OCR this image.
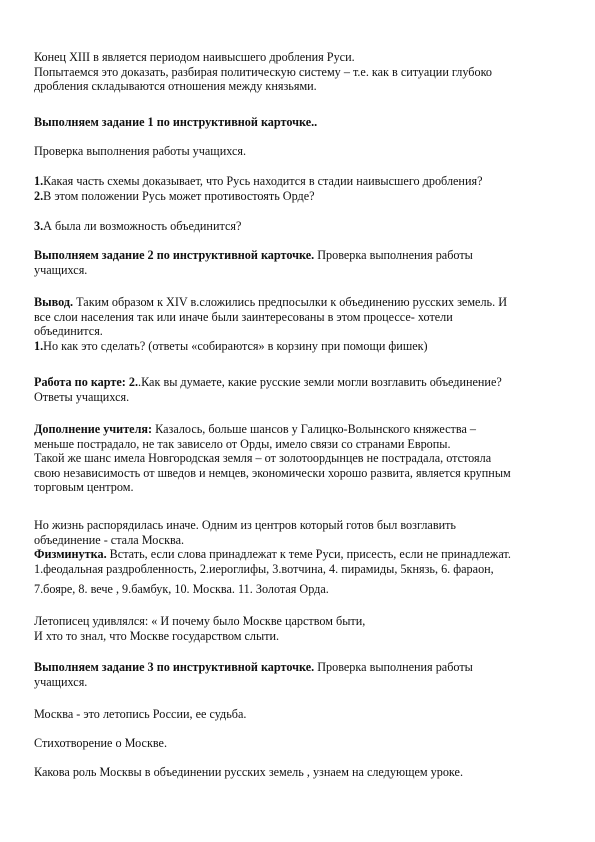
Конец XIII в является периодом наивысшего дробления Руси.
Попытаемся это доказать, разбирая политическую систему – т.е. как в ситуации глубоко
дробления складываются отношения между князьями.

Выполняем задание 1 по инструктивной карточке..

Проверка выполнения работы учащихся.

1.Какая часть схемы доказывает, что Русь находится в стадии наивысшего дробления?
2.В этом положении Русь может противостоять Орде?

3.А была ли возможность объединится?

Выполняем задание 2 по инструктивной карточке. Проверка выполнения работы
учащихся.

Вывод. Таким образом к XIV в.сложились предпосылки к объединению русских земель. И
все слои населения так или иначе были заинтересованы в этом процессе- хотели
объединится.
1.Но как это сделать? (ответы «собираются» в корзину при помощи фишек)

Работа по карте: 2..Как вы думаете, какие русские земли могли возглавить объединение?
Ответы учащихся.

Дополнение учителя: Казалось, больше шансов у Галицко-Волынского княжества –
меньше пострадало, не так зависело от Орды, имело связи со странами Европы.
Такой же шанс имела Новгородская земля – от золотоордынцев не пострадала, отстояла
свою независимость от шведов и немцев, экономически хорошо развита, является крупным
торговым центром.

Но жизнь распорядилась иначе. Одним из центров который готов был возглавить
объединение - стала Москва.
Физминутка. Встать, если слова принадлежат к теме Руси, присесть, если не принадлежат.
1.феодальная раздробленность, 2.иероглифы, 3.вотчина, 4. пирамиды, 5князь, 6. фараон,
7.бояре, 8. вече , 9.бамбук, 10. Москва. 11. Золотая Орда.

Летописец удивлялся: « И почему было Москве царством быти,
И хто то знал, что Москве государством слыти.

Выполняем задание 3 по инструктивной карточке. Проверка выполнения работы
учащихся.

Москва - это летопись России, ее судьба.

Стихотворение о Москве.

Какова роль Москвы в объединении русских земель , узнаем на следующем уроке.
